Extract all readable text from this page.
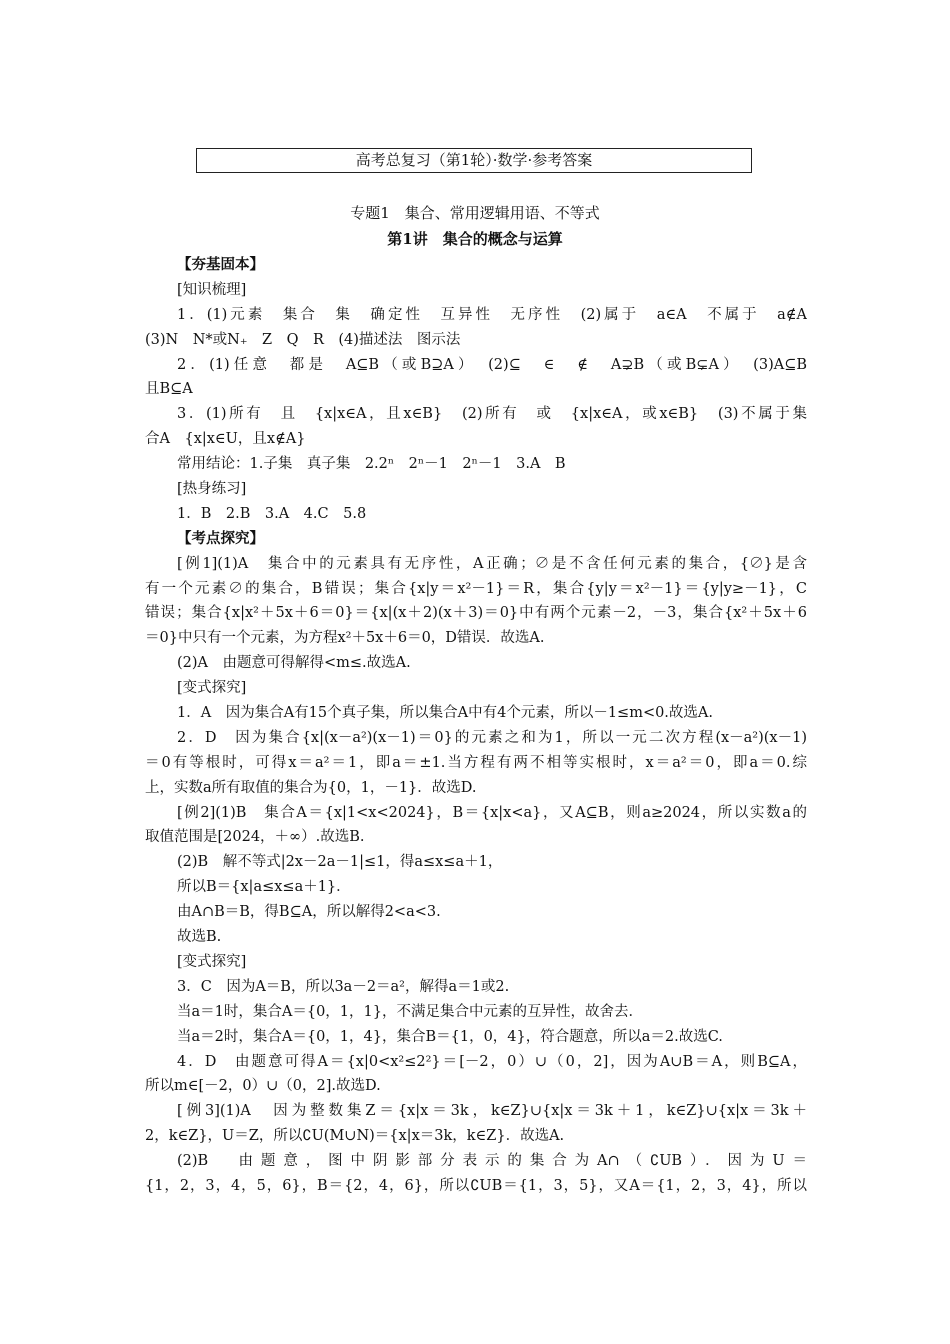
高考总复习（第1轮）·数学·参考答案
专题1　集合、常用逻辑用语、不等式
第1讲　集合的概念与运算
【夯基固本】
[知识梳理]
1．(1)元素　集合　集　确定性　互异性　无序性　(2)属于　a∈A　不属于　a∉A
(3)N　N*或N₊　Z　Q　R　(4)描述法　图示法
2．(1)任意　都是　A⊆B（或B⊇A）　(2)⊆　∈　∉　A⊋B（或B⊊A）　(3)A⊆B
且B⊆A
3．(1)所有　且　{x|x∈A，且x∈B}　(2)所有　或　{x|x∈A，或x∈B}　(3)不属于集
合A　{x|x∈U，且x∉A}
常用结论：1.子集　真子集　2.2ⁿ　2ⁿ－1　2ⁿ－1　3.A　B
[热身练习]
1．B　2.B　3.A　4.C　5.8
【考点探究】
[例1](1)A　集合中的元素具有无序性，A正确；∅是不含任何元素的集合，{∅}是含
有一个元素∅的集合，B错误；集合{x|y＝x²－1}＝R，集合{y|y＝x²－1}＝{y|y≥－1}，C
错误；集合{x|x²＋5x＋6＝0}＝{x|(x＋2)(x＋3)＝0}中有两个元素－2，－3，集合{x²＋5x＋6
＝0}中只有一个元素，为方程x²＋5x＋6＝0，D错误．故选A.
(2)A　由题意可得解得<m≤.故选A.
[变式探究]
1．A　因为集合A有15个真子集，所以集合A中有4个元素，所以－1≤m<0.故选A.
2．D　因为集合{x|(x－a²)(x－1)＝0}的元素之和为1，所以一元二次方程(x－a²)(x－1)
＝0有等根时，可得x＝a²＝1，即a＝±1.当方程有两不相等实根时，x＝a²＝0，即a＝0.综
上，实数a所有取值的集合为{0，1，－1}．故选D.
[例2](1)B　集合A＝{x|1<x<2024}，B＝{x|x<a}，又A⊆B，则a≥2024，所以实数a的
取值范围是[2024，＋∞）.故选B.
(2)B　解不等式|2x－2a－1|≤1，得a≤x≤a＋1，
所以B＝{x|a≤x≤a＋1}．
由A∩B＝B，得B⊆A，所以解得2<a<3.
故选B.
[变式探究]
3．C　因为A＝B，所以3a－2＝a²，解得a＝1或2.
当a＝1时，集合A＝{0，1，1}，不满足集合中元素的互异性，故舍去．
当a＝2时，集合A＝{0，1，4}，集合B＝{1，0，4}，符合题意，所以a＝2.故选C.
4．D　由题意可得A＝{x|0<x²≤2²}＝[－2，0）∪（0，2]，因为A∪B＝A，则B⊆A，
所以m∈[－2，0）∪（0，2].故选D.
[例3](1)A　因为整数集Z＝{x|x＝3k，k∈Z}∪{x|x＝3k＋1，k∈Z}∪{x|x＝3k＋
2，k∈Z}，U＝Z，所以∁U(M∪N)＝{x|x＝3k，k∈Z}．故选A.
(2)B　由题意，图中阴影部分表示的集合为A∩（∁UB）．因为U＝
{1，2，3，4，5，6}，B＝{2，4，6}，所以∁UB＝{1，3，5}，又A＝{1，2，3，4}，所以
